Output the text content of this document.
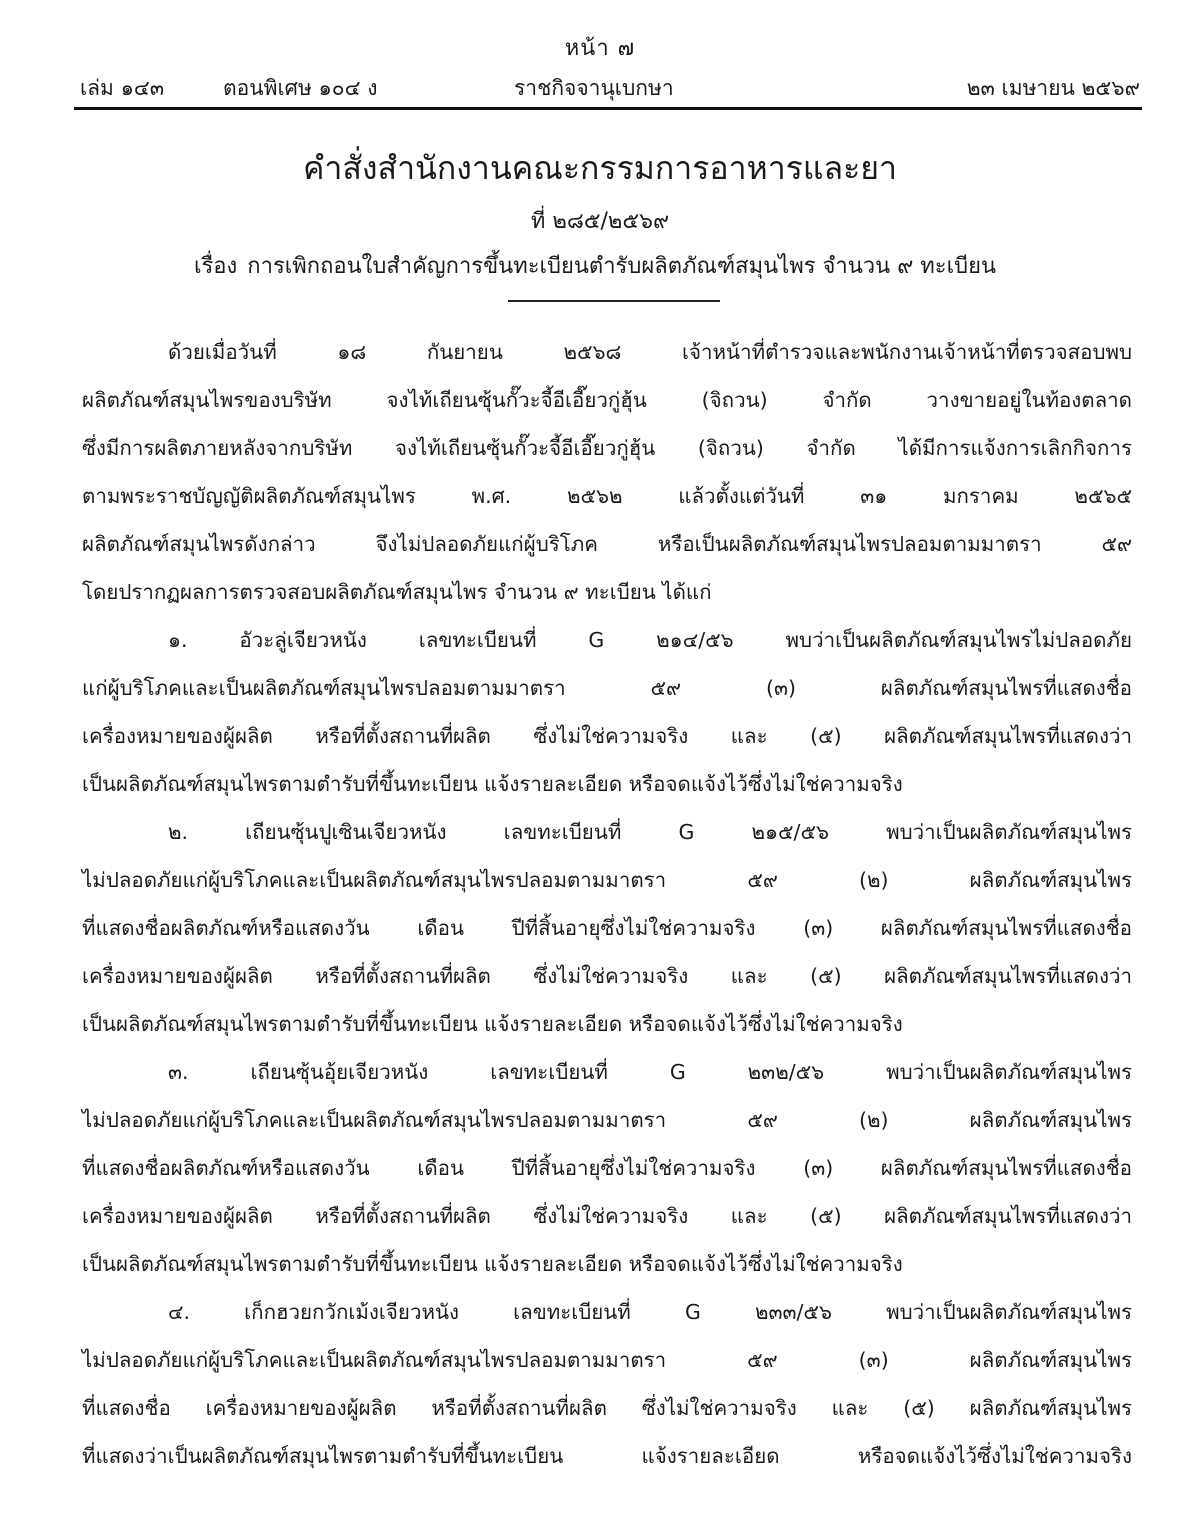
หน้า ๗
เล่ม ๑๔๓	ตอนพิเศษ ๑๐๔ ง	ราชกิจจานุเบกษา	๒๓ เมษายน ๒๕๖๙
คำสั่งสำนักงานคณะกรรมการอาหารและยา
ที่ ๒๘๕/๒๕๖๙
เรื่อง การเพิกถอนใบสำคัญการขึ้นทะเบียนตำรับผลิตภัณฑ์สมุนไพร จำนวน ๙ ทะเบียน
ด้วยเมื่อวันที่ ๑๘ กันยายน ๒๕๖๘ เจ้าหน้าที่ตำรวจและพนักงานเจ้าหน้าที่ตรวจสอบพบ
ผลิตภัณฑ์สมุนไพรของบริษัท จงไท้เถียนซุ้นกั๊วะจี้อีเอี๊ยวกู่ฮุ้น (จิถวน) จำกัด วางขายอยู่ในท้องตลาด
ซึ่งมีการผลิตภายหลังจากบริษัท จงไท้เถียนซุ้นกั๊วะจี้อีเอี๊ยวกู่ฮุ้น (จิถวน) จำกัด ได้มีการแจ้งการเลิกกิจการ
ตามพระราชบัญญัติผลิตภัณฑ์สมุนไพร พ.ศ. ๒๕๖๒ แล้วตั้งแต่วันที่ ๓๑ มกราคม ๒๕๖๕
ผลิตภัณฑ์สมุนไพรดังกล่าว จึงไม่ปลอดภัยแก่ผู้บริโภค หรือเป็นผลิตภัณฑ์สมุนไพรปลอมตามมาตรา ๕๙
โดยปรากฏผลการตรวจสอบผลิตภัณฑ์สมุนไพร จำนวน ๙ ทะเบียน ได้แก่
๑. อัวะลู่เจียวหนัง เลขทะเบียนที่ G ๒๑๔/๕๖ พบว่าเป็นผลิตภัณฑ์สมุนไพรไม่ปลอดภัย
แก่ผู้บริโภคและเป็นผลิตภัณฑ์สมุนไพรปลอมตามมาตรา ๕๙ (๓) ผลิตภัณฑ์สมุนไพรที่แสดงชื่อ
เครื่องหมายของผู้ผลิต หรือที่ตั้งสถานที่ผลิต ซึ่งไม่ใช่ความจริง และ (๕) ผลิตภัณฑ์สมุนไพรที่แสดงว่า
เป็นผลิตภัณฑ์สมุนไพรตามตำรับที่ขึ้นทะเบียน แจ้งรายละเอียด หรือจดแจ้งไว้ซึ่งไม่ใช่ความจริง
๒. เถียนซุ้นปูเซินเจียวหนัง เลขทะเบียนที่ G ๒๑๕/๕๖ พบว่าเป็นผลิตภัณฑ์สมุนไพร
ไม่ปลอดภัยแก่ผู้บริโภคและเป็นผลิตภัณฑ์สมุนไพรปลอมตามมาตรา ๕๙ (๒) ผลิตภัณฑ์สมุนไพร
ที่แสดงชื่อผลิตภัณฑ์หรือแสดงวัน เดือน ปีที่สิ้นอายุซึ่งไม่ใช่ความจริง (๓) ผลิตภัณฑ์สมุนไพรที่แสดงชื่อ
เครื่องหมายของผู้ผลิต หรือที่ตั้งสถานที่ผลิต ซึ่งไม่ใช่ความจริง และ (๕) ผลิตภัณฑ์สมุนไพรที่แสดงว่า
เป็นผลิตภัณฑ์สมุนไพรตามตำรับที่ขึ้นทะเบียน แจ้งรายละเอียด หรือจดแจ้งไว้ซึ่งไม่ใช่ความจริง
๓. เถียนซุ้นอุ้ยเจียวหนัง เลขทะเบียนที่ G ๒๓๒/๕๖ พบว่าเป็นผลิตภัณฑ์สมุนไพร
ไม่ปลอดภัยแก่ผู้บริโภคและเป็นผลิตภัณฑ์สมุนไพรปลอมตามมาตรา ๕๙ (๒) ผลิตภัณฑ์สมุนไพร
ที่แสดงชื่อผลิตภัณฑ์หรือแสดงวัน เดือน ปีที่สิ้นอายุซึ่งไม่ใช่ความจริง (๓) ผลิตภัณฑ์สมุนไพรที่แสดงชื่อ
เครื่องหมายของผู้ผลิต หรือที่ตั้งสถานที่ผลิต ซึ่งไม่ใช่ความจริง และ (๕) ผลิตภัณฑ์สมุนไพรที่แสดงว่า
เป็นผลิตภัณฑ์สมุนไพรตามตำรับที่ขึ้นทะเบียน แจ้งรายละเอียด หรือจดแจ้งไว้ซึ่งไม่ใช่ความจริง
๔. เก็กฮวยกวักเม้งเจียวหนัง เลขทะเบียนที่ G ๒๓๓/๕๖ พบว่าเป็นผลิตภัณฑ์สมุนไพร
ไม่ปลอดภัยแก่ผู้บริโภคและเป็นผลิตภัณฑ์สมุนไพรปลอมตามมาตรา ๕๙ (๓) ผลิตภัณฑ์สมุนไพร
ที่แสดงชื่อ เครื่องหมายของผู้ผลิต หรือที่ตั้งสถานที่ผลิต ซึ่งไม่ใช่ความจริง และ (๕) ผลิตภัณฑ์สมุนไพร
ที่แสดงว่าเป็นผลิตภัณฑ์สมุนไพรตามตำรับที่ขึ้นทะเบียน แจ้งรายละเอียด หรือจดแจ้งไว้ซึ่งไม่ใช่ความจริง
